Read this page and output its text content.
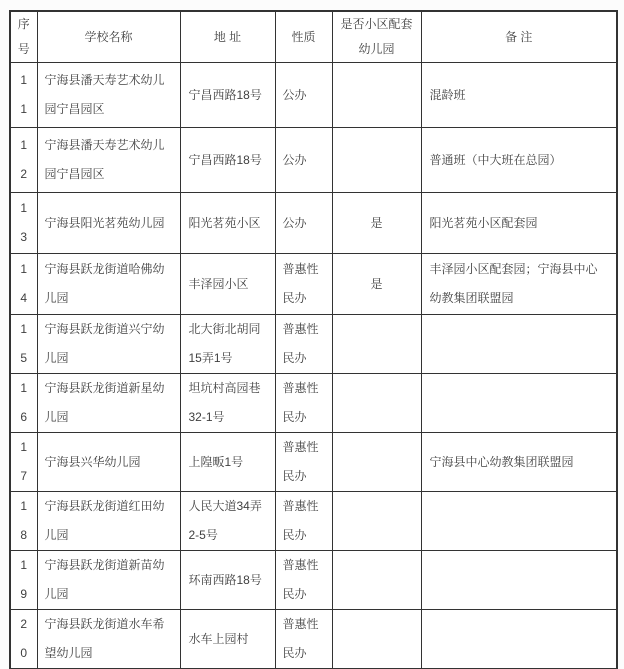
序号	学校名称	地 址	性质	是否小区配套幼儿园	备 注
11	宁海县潘天寿艺术幼儿园宁昌园区	宁昌西路18号	公办		混龄班
12	宁海县潘天寿艺术幼儿园宁昌园区	宁昌西路18号	公办		普通班（中大班在总园）
13	宁海县阳光茗苑幼儿园	阳光茗苑小区	公办	是	阳光茗苑小区配套园
14	宁海县跃龙街道哈佛幼儿园	丰泽园小区	普惠性民办	是	丰泽园小区配套园；宁海县中心幼教集团联盟园
15	宁海县跃龙街道兴宁幼儿园	北大街北胡同15弄1号	普惠性民办		
16	宁海县跃龙街道新星幼儿园	坦坑村高园巷32-1号	普惠性民办		
17	宁海县兴华幼儿园	上隍畈1号	普惠性民办		宁海县中心幼教集团联盟园
18	宁海县跃龙街道红田幼儿园	人民大道34弄2-5号	普惠性民办		
19	宁海县跃龙街道新苗幼儿园	环南西路18号	普惠性民办		
20	宁海县跃龙街道水车希望幼儿园	水车上园村	普惠性民办		
